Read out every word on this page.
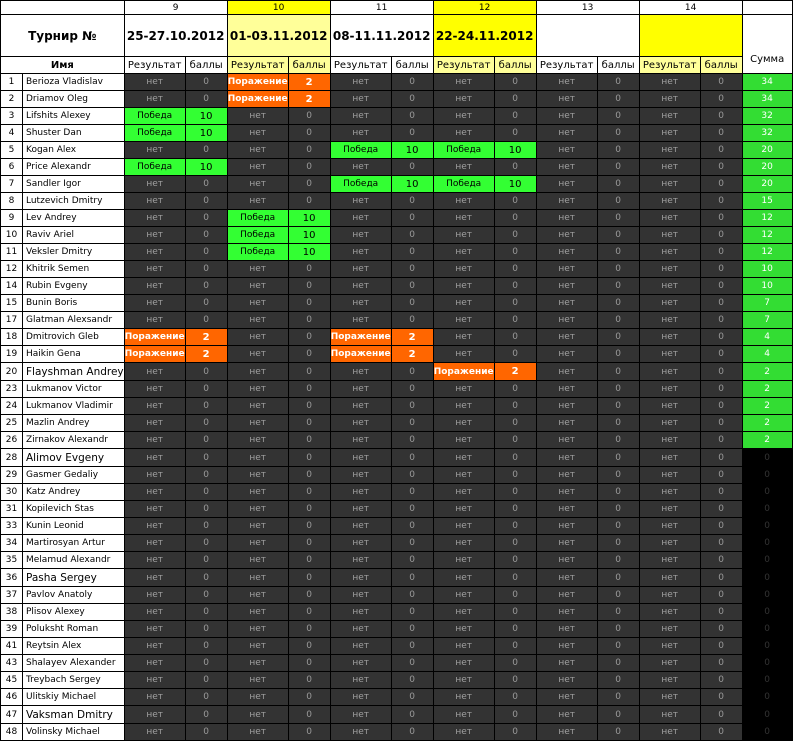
		9		10		11		12		13		14		
Турнир №		25-27.10.2012		01-03.11.2012		08-11.11.2012		22-24.11.2012						Сумма
Имя		Результат	баллы	Результат	баллы	Результат	баллы	Результат	баллы	Результат	баллы	Результат	баллы	
1	Berioza Vladislav	нет	0	Поражение	2	нет	0	нет	0	нет	0	нет	0	34
2	Driamov Oleg	нет	0	Поражение	2	нет	0	нет	0	нет	0	нет	0	34
3	Lifshits Alexey	Победа	10	нет	0	нет	0	нет	0	нет	0	нет	0	32
4	Shuster Dan	Победа	10	нет	0	нет	0	нет	0	нет	0	нет	0	32
5	Kogan Alex	нет	0	нет	0	Победа	10	Победа	10	нет	0	нет	0	20
6	Price Alexandr	Победа	10	нет	0	нет	0	нет	0	нет	0	нет	0	20
7	Sandler Igor	нет	0	нет	0	Победа	10	Победа	10	нет	0	нет	0	20
8	Lutzevich Dmitry	нет	0	нет	0	нет	0	нет	0	нет	0	нет	0	15
9	Lev Andrey	нет	0	Победа	10	нет	0	нет	0	нет	0	нет	0	12
10	Raviv Ariel	нет	0	Победа	10	нет	0	нет	0	нет	0	нет	0	12
11	Veksler Dmitry	нет	0	Победа	10	нет	0	нет	0	нет	0	нет	0	12
12	Khitrik Semen	нет	0	нет	0	нет	0	нет	0	нет	0	нет	0	10
14	Rubin Evgeny	нет	0	нет	0	нет	0	нет	0	нет	0	нет	0	10
15	Bunin Boris	нет	0	нет	0	нет	0	нет	0	нет	0	нет	0	7
17	Glatman Alexsandr	нет	0	нет	0	нет	0	нет	0	нет	0	нет	0	7
18	Dmitrovich Gleb	Поражение	2	нет	0	Поражение	2	нет	0	нет	0	нет	0	4
19	Haikin Gena	Поражение	2	нет	0	Поражение	2	нет	0	нет	0	нет	0	4
20	Flayshman Andrey	нет	0	нет	0	нет	0	Поражение	2	нет	0	нет	0	2
23	Lukmanov Victor	нет	0	нет	0	нет	0	нет	0	нет	0	нет	0	2
24	Lukmanov Vladimir	нет	0	нет	0	нет	0	нет	0	нет	0	нет	0	2
25	Mazlin Andrey	нет	0	нет	0	нет	0	нет	0	нет	0	нет	0	2
26	Zirnakov Alexandr	нет	0	нет	0	нет	0	нет	0	нет	0	нет	0	2
28	Alimov Evgeny	нет	0	нет	0	нет	0	нет	0	нет	0	нет	0	0
29	Gasmer Gedaliy	нет	0	нет	0	нет	0	нет	0	нет	0	нет	0	0
30	Katz Andrey	нет	0	нет	0	нет	0	нет	0	нет	0	нет	0	0
31	Kopilevich Stas	нет	0	нет	0	нет	0	нет	0	нет	0	нет	0	0
33	Kunin Leonid	нет	0	нет	0	нет	0	нет	0	нет	0	нет	0	0
34	Martirosyan Artur	нет	0	нет	0	нет	0	нет	0	нет	0	нет	0	0
35	Melamud Alexandr	нет	0	нет	0	нет	0	нет	0	нет	0	нет	0	0
36	Pasha Sergey	нет	0	нет	0	нет	0	нет	0	нет	0	нет	0	0
37	Pavlov Anatoly	нет	0	нет	0	нет	0	нет	0	нет	0	нет	0	0
38	Plisov Alexey	нет	0	нет	0	нет	0	нет	0	нет	0	нет	0	0
39	Poluksht Roman	нет	0	нет	0	нет	0	нет	0	нет	0	нет	0	0
41	Reytsin Alex	нет	0	нет	0	нет	0	нет	0	нет	0	нет	0	0
43	Shalayev Alexander	нет	0	нет	0	нет	0	нет	0	нет	0	нет	0	0
45	Treybach Sergey	нет	0	нет	0	нет	0	нет	0	нет	0	нет	0	0
46	Ulitskiy Michael	нет	0	нет	0	нет	0	нет	0	нет	0	нет	0	0
47	Vaksman Dmitry	нет	0	нет	0	нет	0	нет	0	нет	0	нет	0	0
48	Volinsky Michael	нет	0	нет	0	нет	0	нет	0	нет	0	нет	0	0
